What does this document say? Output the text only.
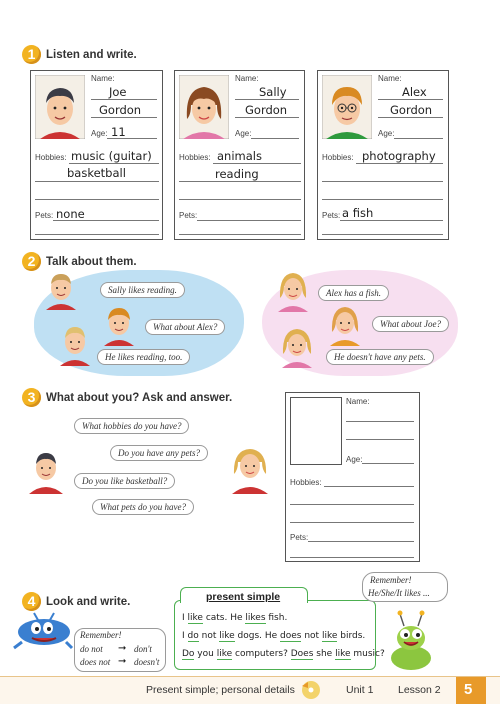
1 Listen and write.
Name:
Joe
Gordon
Age: 11
Hobbies: music (guitar)
basketball
Pets: none
Name:
Sally
Gordon
Age:
Hobbies: animals
reading
Pets:
Name:
Alex
Gordon
Age:
Hobbies: photography
Pets: a fish
2 Talk about them.
Sally likes reading.
What about Alex?
He likes reading, too.
Alex has a fish.
What about Joe?
He doesn't have any pets.
3 What about you? Ask and answer.
What hobbies do you have?
Do you have any pets?
Do you like basketball?
What pets do you have?
Name:
Age:
Hobbies:
Pets:
4 Look and write.
Remember!
do not ➞ don't
does not ➞ doesn't
present simple
I like cats. He likes fish.
I do not like dogs. He does not like birds.
Do you like computers? Does she like music?
Remember!
He/She/It likes ...
Present simple; personal details	Unit 1 Lesson 2 5
